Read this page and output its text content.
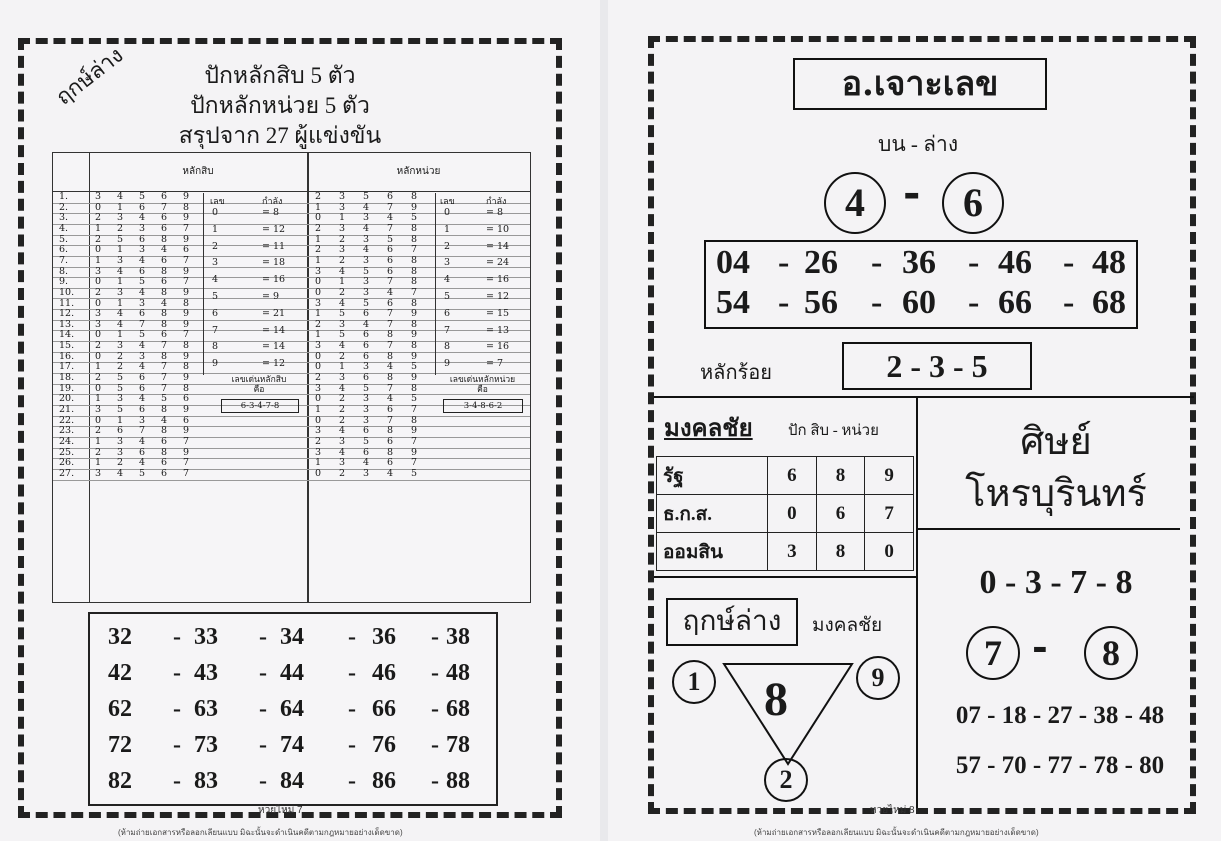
ฤกษ์ล่าง	ปักหลักสิบ 5 ตัว
ปักหลักหน่วย 5 ตัว
สรุปจาก 27 ผู้แข่งขัน
หลักสิบ	หลักหน่วย
1.	3 4 5 6 9	2 3 5 6 8
2.	0 1 6 7 8	1 3 4 7 9
3.	2 3 4 6 9	0 1 3 4 5
4.	1 2 3 6 7	2 3 4 7 8
5.	2 5 6 8 9	1 2 3 5 8
6.	0 1 3 4 6	2 3 4 6 7
7.	1 3 4 6 7	1 2 3 6 8
8.	3 4 6 8 9	3 4 5 6 8
9.	0 1 5 6 7	0 1 3 7 8
10. 2 3 4 8 9	0 2 3 4 7
11. 0 1 3 4 8	3 4 5 6 8
12. 3 4 6 8 9	1 5 6 7 9
13. 3 4 7 8 9	2 3 4 7 8
14. 0 1 5 6 7	1 5 6 8 9
15. 2 3 4 7 8	3 4 6 7 8
16. 0 2 3 8 9	0 2 6 8 9
17. 1 2 4 7 8	0 1 3 4 5
18. 2 5 6 7 9	2 3 6 8 9
19. 0 5 6 7 8	3 4 5 7 8
20. 1 3 4 5 6	0 2 3 4 5
21. 3 5 6 8 9	1 2 3 6 7
22. 0 1 3 4 6	0 2 3 7 8
23. 2 6 7 8 9	3 4 6 8 9
24. 1 3 4 6 7	2 3 5 6 7
25. 2 3 6 8 9	3 4 6 8 9
26. 1 2 4 6 7	1 3 4 6 7
27. 3 4 5 6 7	0 2 3 4 5
เลข	กำลัง
0	= 8
1	= 12
2	= 11
3	= 18
4	= 16
5	= 9
6	= 21
7	= 14
8	= 14
9	= 12
เลขเด่นหลักสิบ
คือ
6-3-4-7-8
เลข	กำลัง
0	= 8
1	= 10
2	= 14
3	= 24
4	= 16
5	= 12
6	= 15
7	= 13
8	= 16
9	= 7
เลขเด่นหลักหน่วย
คือ
3-4-8-6-2
32 - 33 - 34 - 36 - 38
42 - 43 - 44 - 46 - 48
62 - 63 - 64 - 66 - 68
72 - 73 - 74 - 76 - 78
82 - 83 - 84 - 86 - 88
หวยไหม่ 7
(ห้ามถ่ายเอกสารหรือลอกเลียนแบบ มิฉะนั้นจะดำเนินคดีตามกฎหมายอย่างเด็ดขาด)
อ.เจาะเลข
บน - ล่าง
4 -	6
04 - 26 - 36 - 46 - 48
54 - 56 - 60 - 66 - 68
หลักร้อย	2 - 3 - 5
มงคลชัย ปัก สิบ - หน่วย
รัฐ	6	8	9
ธ.ก.ส.	0	6	7
ออมสิน	3	8	0
ฤกษ์ล่าง	มงคลชัย
8
1	9
2
ศิษย์
โหรบุรินทร์
0 - 3 - 7 - 8
7 -	8
07 - 18 - 27 - 38 - 48
57 - 70 - 77 - 78 - 80
หวยไหม่ 8
(ห้ามถ่ายเอกสารหรือลอกเลียนแบบ มิฉะนั้นจะดำเนินคดีตามกฎหมายอย่างเด็ดขาด)
